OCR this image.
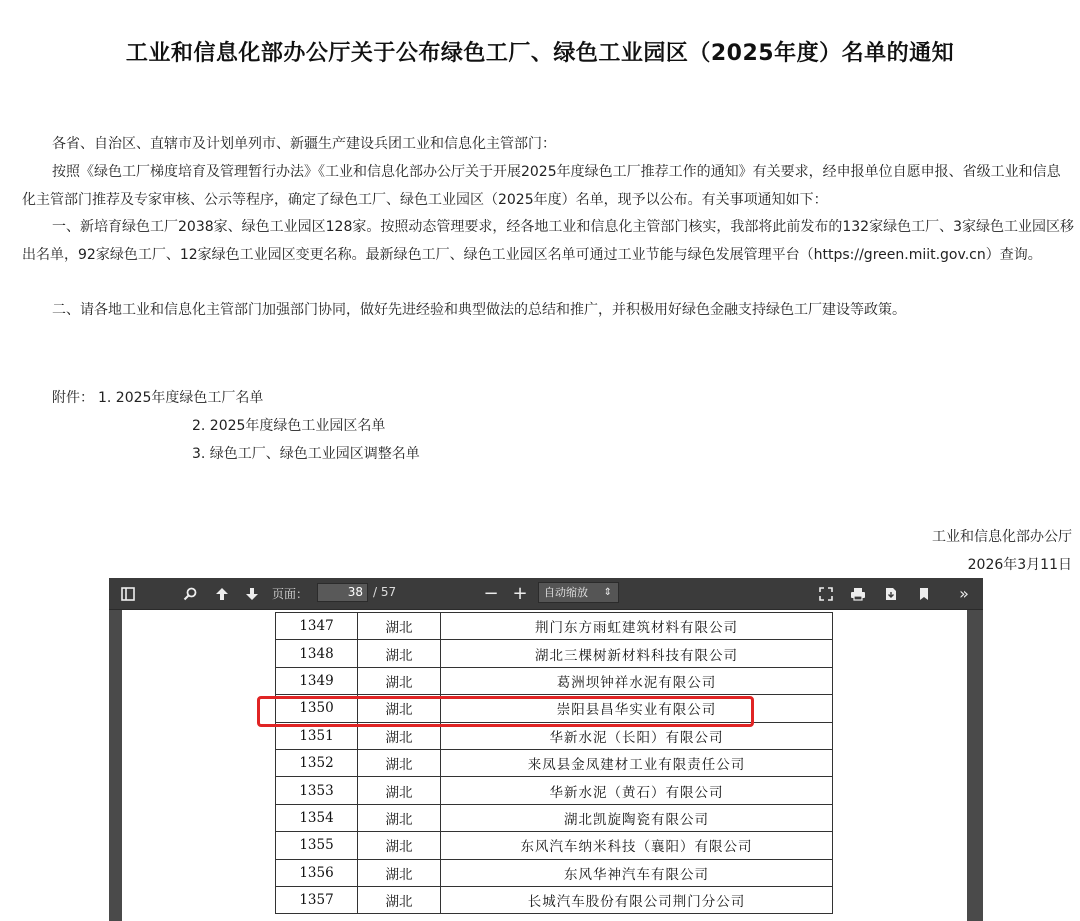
工业和信息化部办公厅关于公布绿色工厂、绿色工业园区（2025年度）名单的通知
各省、自治区、直辖市及计划单列市、新疆生产建设兵团工业和信息化主管部门：
按照《绿色工厂梯度培育及管理暂行办法》《工业和信息化部办公厅关于开展2025年度绿色工厂推荐工作的通知》有关要求，经申报单位自愿申报、省级工业和信息化主管部门推荐及专家审核、公示等程序，确定了绿色工厂、绿色工业园区（2025年度）名单，现予以公布。有关事项通知如下：
一、新培育绿色工厂2038家、绿色工业园区128家。按照动态管理要求，经各地工业和信息化主管部门核实，我部将此前发布的132家绿色工厂、3家绿色工业园区移出名单，92家绿色工厂、12家绿色工业园区变更名称。最新绿色工厂、绿色工业园区名单可通过工业节能与绿色发展管理平台（https://green.miit.gov.cn）查询。
二、请各地工业和信息化主管部门加强部门协同，做好先进经验和典型做法的总结和推广，并积极用好绿色金融支持绿色工厂建设等政策。
附件： 1. 2025年度绿色工厂名单
2. 2025年度绿色工业园区名单
3. 绿色工厂、绿色工业园区调整名单
工业和信息化部办公厅
2026年3月11日
页面：	38 / 57	− +	自动缩放 ⇕	»
1347	湖北	荆门东方雨虹建筑材料有限公司
1348	湖北	湖北三棵树新材料科技有限公司
1349	湖北	葛洲坝钟祥水泥有限公司
1350	湖北	崇阳县昌华实业有限公司
1351	湖北	华新水泥（长阳）有限公司
1352	湖北	来凤县金凤建材工业有限责任公司
1353	湖北	华新水泥（黄石）有限公司
1354	湖北	湖北凯旋陶瓷有限公司
1355	湖北	东风汽车纳米科技（襄阳）有限公司
1356	湖北	东风华神汽车有限公司
1357	湖北	长城汽车股份有限公司荆门分公司
